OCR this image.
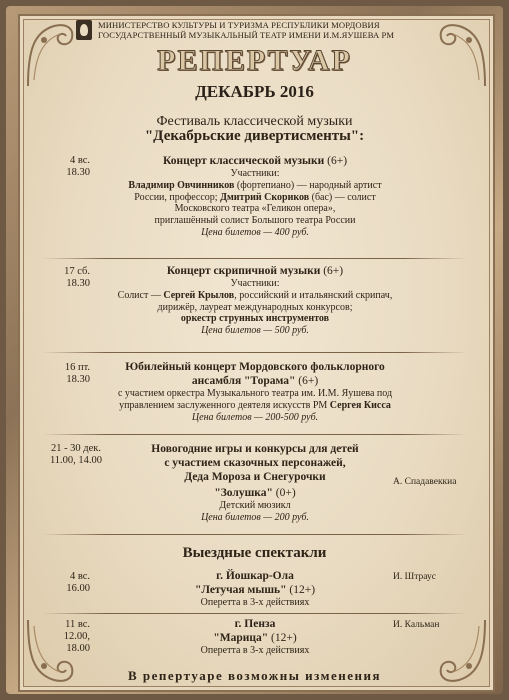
МИНИСТЕРСТВО КУЛЬТУРЫ И ТУРИЗМА РЕСПУБЛИКИ МОРДОВИЯ
ГОСУДАРСТВЕННЫЙ МУЗЫКАЛЬНЫЙ ТЕАТР ИМЕНИ И.М.ЯУШЕВА РМ
РЕПЕРТУАР
ДЕКАБРЬ 2016
Фестиваль классической музыки
"Декабрьские дивертисменты":
4 вс.
18.30
Концерт классической музыки (6+)
Участники:
Владимир Овчинников (фортепиано) — народный артист
России, профессор; Дмитрий Скориков (бас) — солист
Московского театра «Геликон опера»,
приглашённый солист Большого театра России
Цена билетов — 400 руб.
17 сб.
18.30
Концерт скрипичной музыки (6+)
Участники:
Солист — Сергей Крылов, российский и итальянский скрипач,
дирижёр, лауреат международных конкурсов;
оркестр струнных инструментов
Цена билетов — 500 руб.
16 пт.
18.30
Юбилейный концерт Мордовского фольклорного
ансамбля "Торама" (6+)
с участием оркестра Музыкального театра им. И.М. Яушева под
управлением заслуженного деятеля искусств РМ Сергея Кисса
Цена билетов — 200-500 руб.
21 - 30 дек.
11.00, 14.00
Новогодние игры и конкурсы для детей
с участием сказочных персонажей,
Деда Мороза и Снегурочки
"Золушка" (0+)
Детский мюзикл
Цена билетов — 200 руб.
А. Спадавеккиа
Выездные спектакли
4 вс.
16.00
г. Йошкар-Ола
"Летучая мышь" (12+)
Оперетта в 3-х действиях
И. Штраус
11 вс.
12.00,
18.00
г. Пенза
"Марица" (12+)
Оперетта в 3-х действиях
И. Кальман
В репертуаре возможны изменения
